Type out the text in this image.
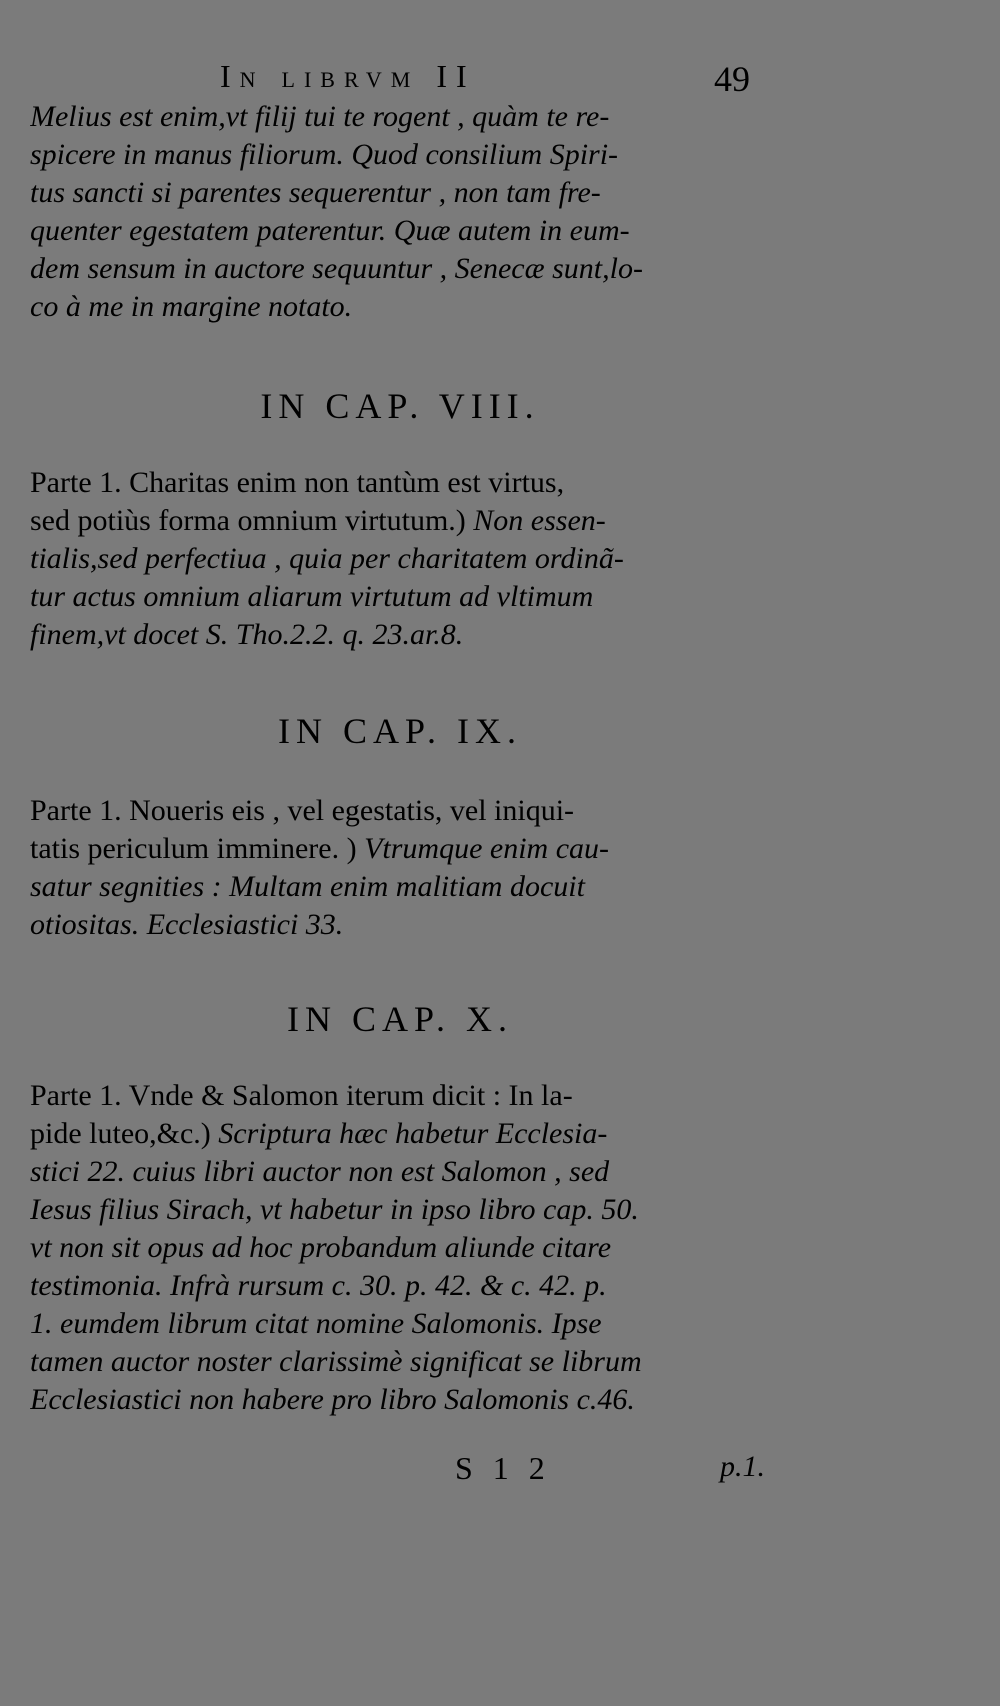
In librvm II	49

Melius est enim,vt filij tui te rogent , quàm te re-
spicere in manus filiorum. Quod consilium Spiri-
tus sancti si parentes sequerentur , non tam fre-
quenter egestatem paterentur. Quæ autem in eum-
dem sensum in auctore sequuntur , Senecæ sunt,lo-
co à me in margine notato.

IN CAP. VIII.

Parte 1. Charitas enim non tantùm est virtus,
sed potiùs forma omnium virtutum.) Non essen-
tialis,sed perfectiua , quia per charitatem ordinã-
tur actus omnium aliarum virtutum ad vltimum
finem,vt docet S. Tho.2.2. q. 23.ar.8.

IN CAP. IX.

Parte 1. Noueris eis , vel egestatis, vel iniqui-
tatis periculum imminere. ) Vtrumque enim cau-
satur segnities : Multam enim malitiam docuit
otiositas. Ecclesiastici 33.

IN CAP. X.

Parte 1. Vnde & Salomon iterum dicit : In la-
pide luteo,&c.) Scriptura hæc habetur Ecclesia-
stici 22. cuius libri auctor non est Salomon , sed
Iesus filius Sirach, vt habetur in ipso libro cap. 50.
vt non sit opus ad hoc probandum aliunde citare
testimonia. Infrà rursum c. 30. p. 42. & c. 42. p.
1. eumdem librum citat nomine Salomonis. Ipse
tamen auctor noster clarissimè significat se librum
Ecclesiastici non habere pro libro Salomonis c.46.

S 1 2	p.1.
